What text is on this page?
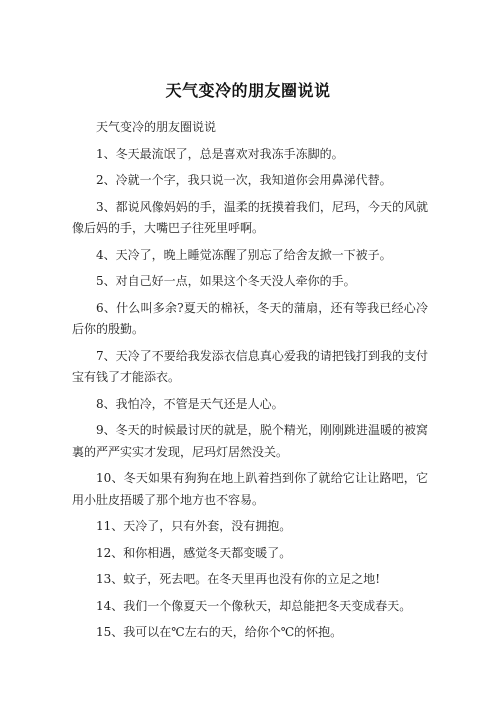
天气变冷的朋友圈说说

天气变冷的朋友圈说说

1、冬天最流氓了，总是喜欢对我冻手冻脚的。

2、冷就一个字，我只说一次，我知道你会用鼻涕代替。

3、都说风像妈妈的手，温柔的抚摸着我们，尼玛，今天的风就像后妈的手，大嘴巴子往死里呼啊。

4、天冷了，晚上睡觉冻醒了别忘了给舍友掀一下被子。

5、对自己好一点，如果这个冬天没人牵你的手。

6、什么叫多余?夏天的棉袄，冬天的蒲扇，还有等我已经心冷后你的殷勤。

7、天冷了不要给我发添衣信息真心爱我的请把钱打到我的支付宝有钱了才能添衣。

8、我怕冷，不管是天气还是人心。

9、冬天的时候最讨厌的就是，脱个精光，刚刚跳进温暖的被窝裏的严严实实才发现，尼玛灯居然没关。

10、冬天如果有狗狗在地上趴着挡到你了就给它让让路吧，它用小肚皮捂暖了那个地方也不容易。

11、天冷了，只有外套，没有拥抱。

12、和你相遇，感觉冬天都变暖了。

13、蚊子，死去吧。在冬天里再也没有你的立足之地!

14、我们一个像夏天一个像秋天，却总能把冬天变成春天。

15、我可以在℃左右的天，给你个℃的怀抱。
